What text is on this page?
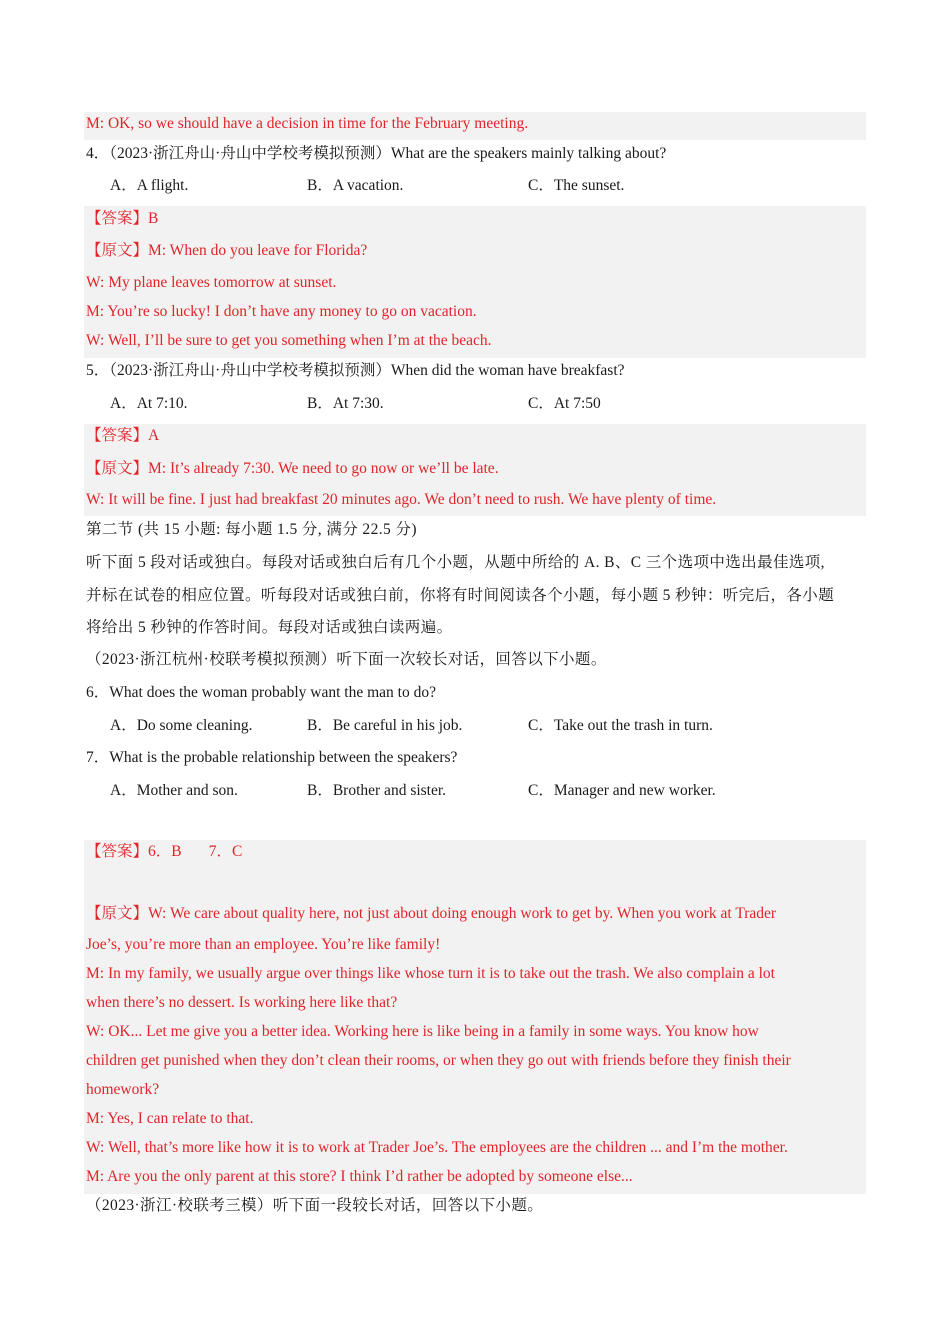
M: OK, so we should have a decision in time for the February meeting.
4．（2023·浙江舟山·舟山中学校考模拟预测）What are the speakers mainly talking about?
A．A flight.	B．A vacation.	C．The sunset.
【答案】B
【原文】M: When do you leave for Florida?
W: My plane leaves tomorrow at sunset.
M: You’re so lucky! I don’t have any money to go on vacation.
W: Well, I’ll be sure to get you something when I’m at the beach.
5．（2023·浙江舟山·舟山中学校考模拟预测）When did the woman have breakfast?
A．At 7:10.	B．At 7:30.	C．At 7:50
【答案】A
【原文】M: It’s already 7:30. We need to go now or we’ll be late.
W: It will be fine. I just had breakfast 20 minutes ago. We don’t need to rush. We have plenty of time.
第二节 (共 15 小题: 每小题 1.5 分, 满分 22.5 分)
听下面 5 段对话或独白。每段对话或独白后有几个小题，从题中所给的 A. B、C 三个选项中选出最佳选项,
并标在试卷的相应位置。听每段对话或独白前，你将有时间阅读各个小题，每小题 5 秒钟：听完后，各小题
将给出 5 秒钟的作答时间。每段对话或独白读两遍。
（2023·浙江杭州·校联考模拟预测）听下面一次较长对话，回答以下小题。
6．What does the woman probably want the man to do?
A．Do some cleaning.	B．Be careful in his job.	C．Take out the trash in turn.
7．What is the probable relationship between the speakers?
A．Mother and son.	B．Brother and sister.	C．Manager and new worker.
【答案】6．B       7．C
【原文】W: We care about quality here, not just about doing enough work to get by. When you work at Trader
Joe’s, you’re more than an employee. You’re like family!
M: In my family, we usually argue over things like whose turn it is to take out the trash. We also complain a lot
when there’s no dessert. Is working here like that?
W: OK... Let me give you a better idea. Working here is like being in a family in some ways. You know how
children get punished when they don’t clean their rooms, or when they go out with friends before they finish their
homework?
M: Yes, I can relate to that.
W: Well, that’s more like how it is to work at Trader Joe’s. The employees are the children ... and I’m the mother.
M: Are you the only parent at this store? I think I’d rather be adopted by someone else...
（2023·浙江·校联考三模）听下面一段较长对话，回答以下小题。
